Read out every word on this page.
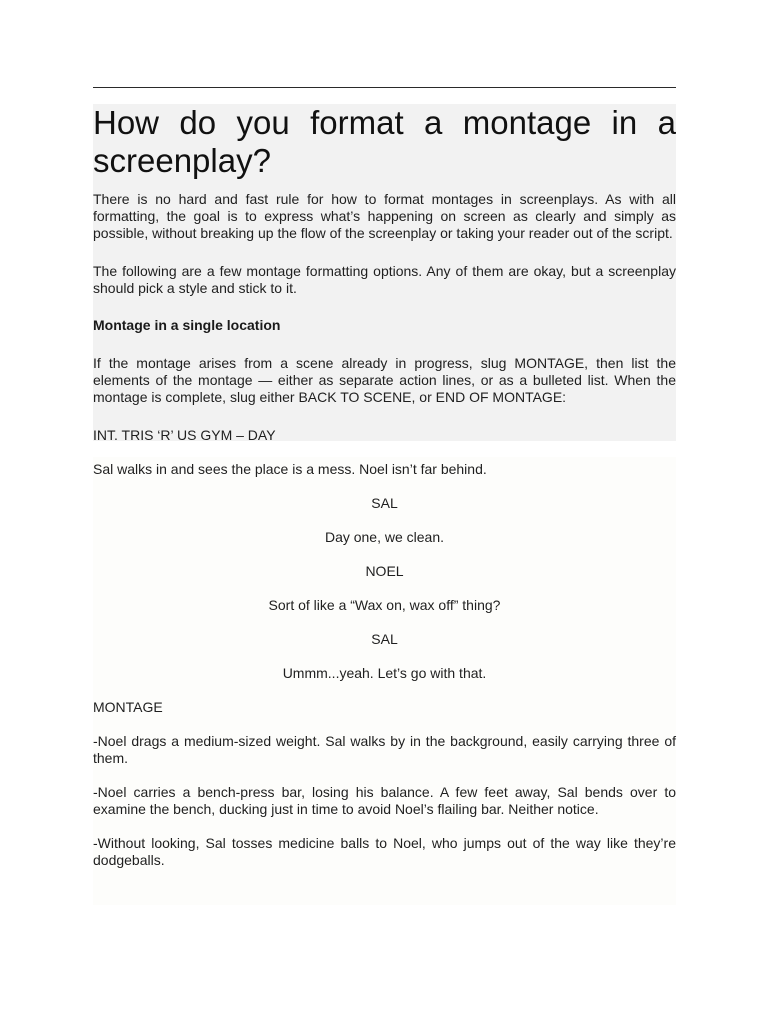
How do you format a montage in a screenplay?

There is no hard and fast rule for how to format montages in screenplays. As with all formatting, the goal is to express what’s happening on screen as clearly and simply as possible, without breaking up the flow of the screenplay or taking your reader out of the script.

The following are a few montage formatting options. Any of them are okay, but a screenplay should pick a style and stick to it.

Montage in a single location

If the montage arises from a scene already in progress, slug MONTAGE, then list the elements of the montage — either as separate action lines, or as a bulleted list. When the montage is complete, slug either BACK TO SCENE, or END OF MONTAGE:

INT. TRIS ‘R’ US GYM – DAY

Sal walks in and sees the place is a mess. Noel isn’t far behind.

SAL

Day one, we clean.

NOEL

Sort of like a “Wax on, wax off” thing?

SAL

Ummm...yeah. Let’s go with that.

MONTAGE

-Noel drags a medium-sized weight. Sal walks by in the background, easily carrying three of them.

-Noel carries a bench-press bar, losing his balance. A few feet away, Sal bends over to examine the bench, ducking just in time to avoid Noel’s flailing bar. Neither notice.

-Without looking, Sal tosses medicine balls to Noel, who jumps out of the way like they’re dodgeballs.
